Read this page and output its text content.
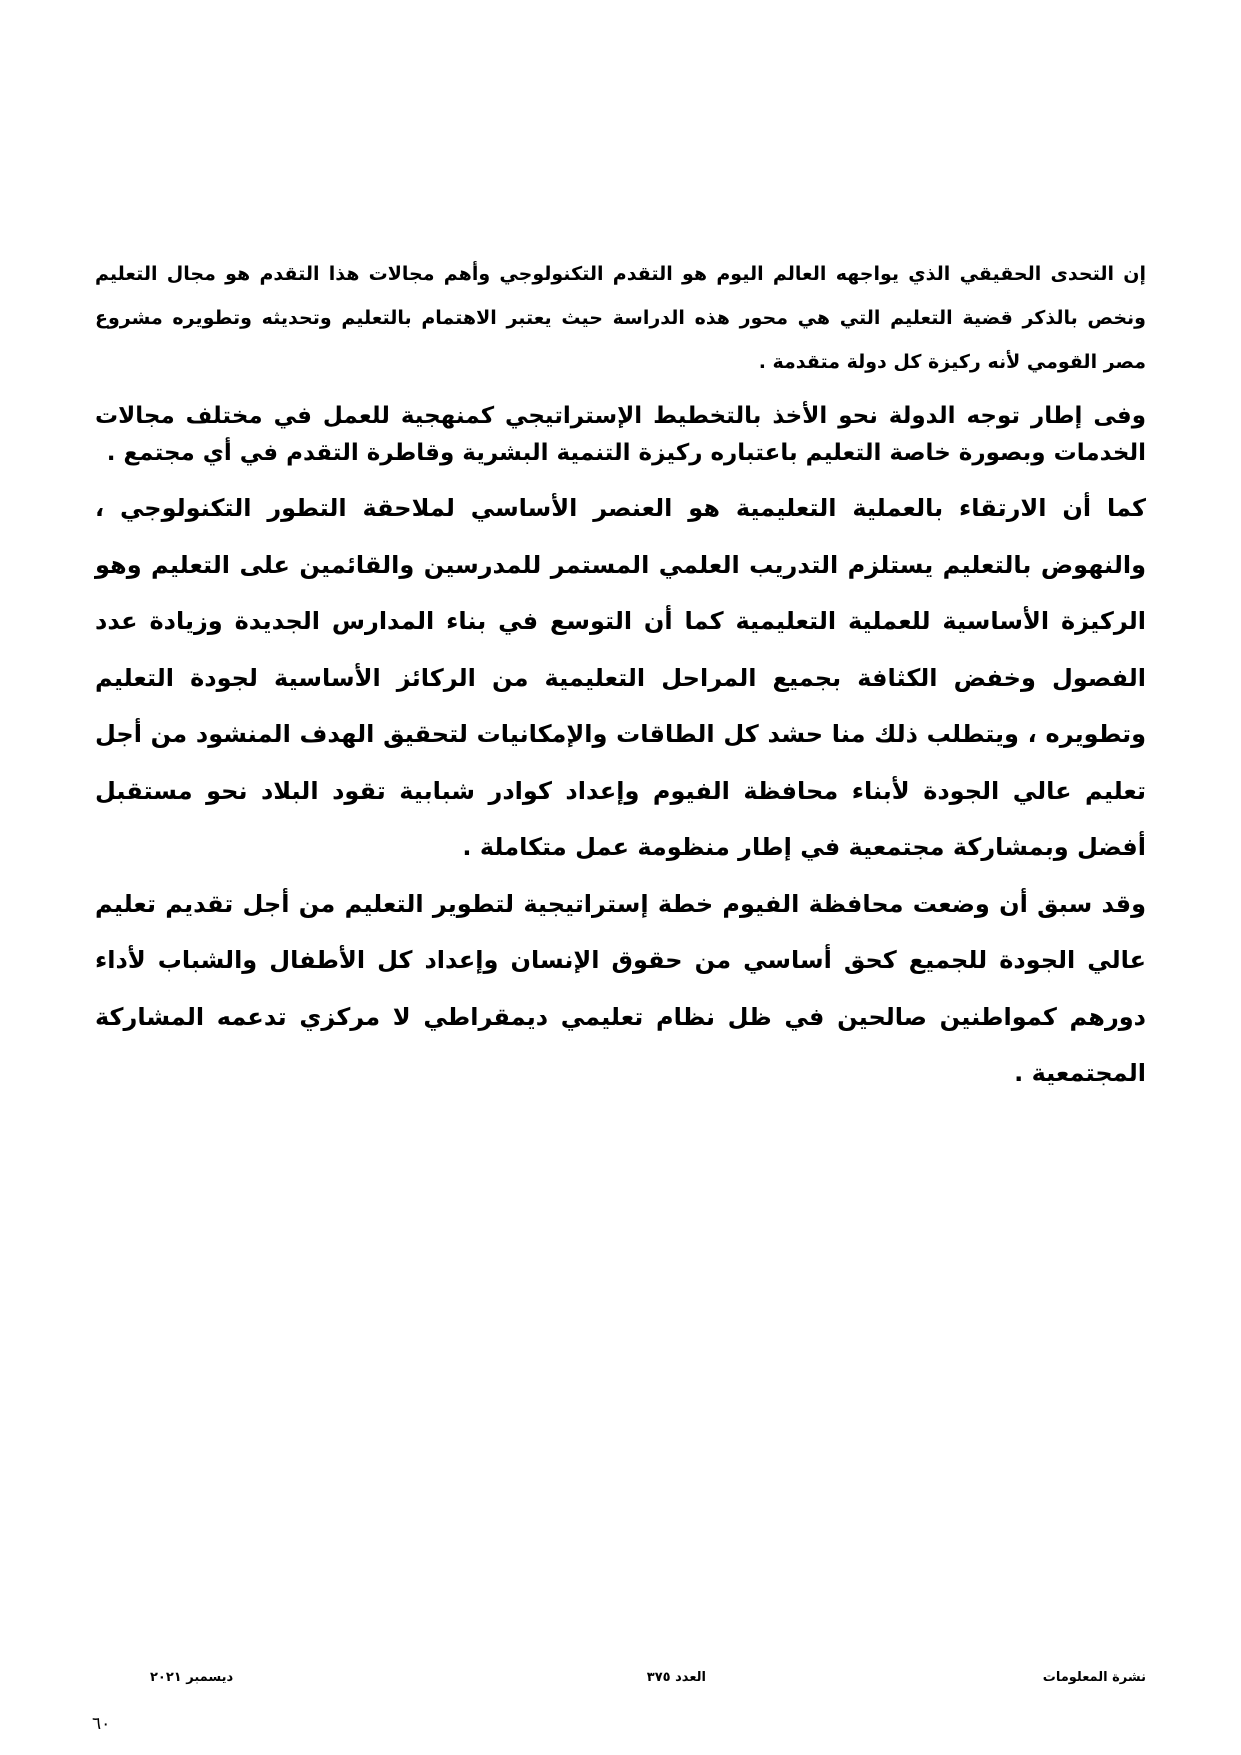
إن التحدى الحقيقي الذي يواجهه العالم اليوم هو التقدم التكنولوجي وأهم مجالات هذا التقدم هو مجال التعليم ونخص بالذكر قضية التعليم التي هي محور هذه الدراسة حيث يعتبر الاهتمام بالتعليم وتحديثه وتطويره مشروع مصر القومي لأنه ركيزة كل دولة متقدمة .

وفى إطار توجه الدولة نحو الأخذ بالتخطيط الإستراتيجي كمنهجية للعمل في مختلف مجالات الخدمات وبصورة خاصة التعليم باعتباره ركيزة التنمية البشرية وقاطرة التقدم في أي مجتمع .

كما أن الارتقاء بالعملية التعليمية هو العنصر الأساسي لملاحقة التطور التكنولوجي ، والنهوض بالتعليم يستلزم التدريب العلمي المستمر للمدرسين والقائمين على التعليم وهو الركيزة الأساسية للعملية التعليمية كما أن التوسع في بناء المدارس الجديدة وزيادة عدد الفصول وخفض الكثافة بجميع المراحل التعليمية من الركائز الأساسية لجودة التعليم وتطويره ، ويتطلب ذلك منا حشد كل الطاقات والإمكانيات لتحقيق الهدف المنشود من أجل تعليم عالي الجودة لأبناء محافظة الفيوم وإعداد كوادر شبابية تقود البلاد نحو مستقبل أفضل وبمشاركة مجتمعية في إطار منظومة عمل متكاملة .

وقد سبق أن وضعت محافظة الفيوم خطة إستراتيجية لتطوير التعليم من أجل تقديم تعليم عالي الجودة للجميع كحق أساسي من حقوق الإنسان وإعداد كل الأطفال والشباب لأداء دورهم كمواطنين صالحين في ظل نظام تعليمي ديمقراطي لا مركزي تدعمه المشاركة المجتمعية .

نشرة المعلومات
العدد ٣٧٥
ديسمبر ٢٠٢١
٦٠
